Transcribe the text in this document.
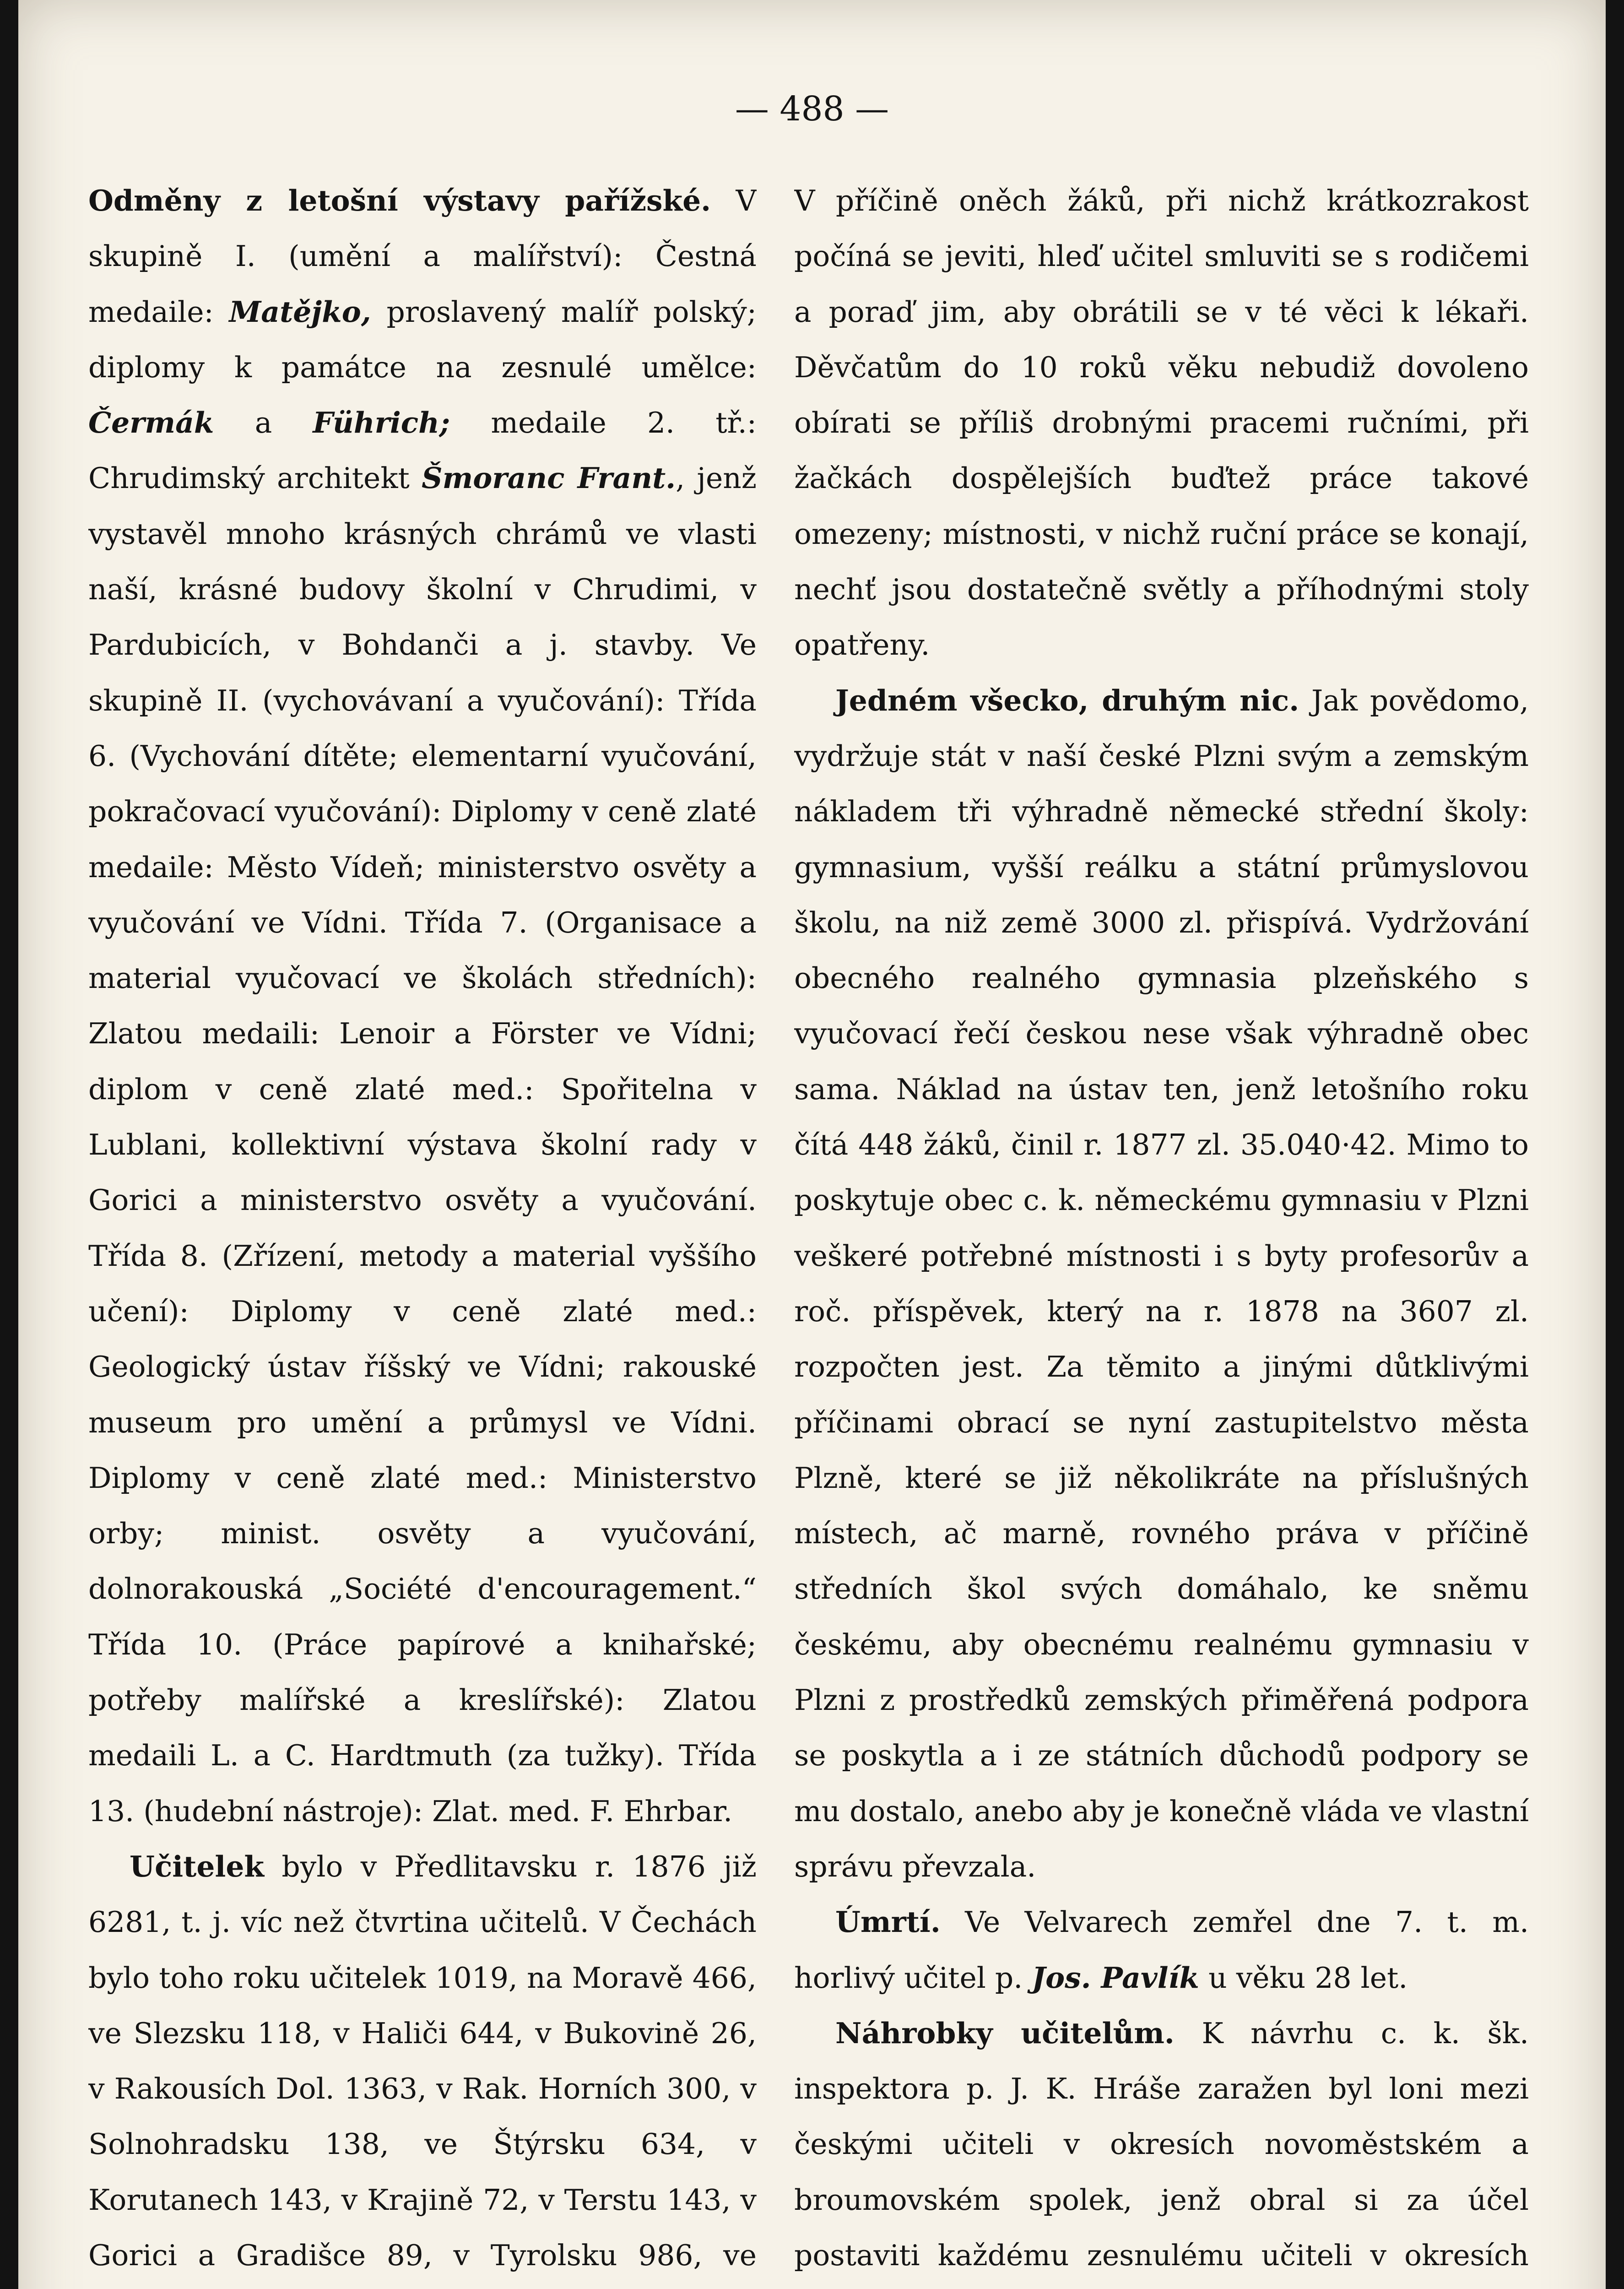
— 488 —

Odměny z letošní výstavy pařížské. V skupině I. (umění a malířství): Čestná medaile: Matějko, proslavený malíř polský; diplomy k památce na zesnulé umělce: Čermák a Führich; medaile 2. tř.: Chrudimský architekt Šmoranc Frant., jenž vystavěl mnoho krásných chrámů ve vlasti naší, krásné budovy školní v Chrudimi, v Pardubicích, v Bohdanči a j. stavby. Ve skupině II. (vychovávaní a vyučování): Třída 6. (Vychování dítěte; elementarní vyučování, pokračovací vyučování): Diplomy v ceně zlaté medaile: Město Vídeň; ministerstvo osvěty a vyučování ve Vídni. Třída 7. (Organisace a material vyučovací ve školách středních): Zlatou medaili: Lenoir a Förster ve Vídni; diplom v ceně zlaté med.: Spořitelna v Lublani, kollektivní výstava školní rady v Gorici a ministerstvo osvěty a vyučování. Třída 8. (Zřízení, metody a material vyššího učení): Diplomy v ceně zlaté med.: Geologický ústav říšský ve Vídni; rakouské museum pro umění a průmysl ve Vídni. Diplomy v ceně zlaté med.: Ministerstvo orby; minist. osvěty a vyučování, dolnorakouská „Société d'encouragement.“ Třída 10. (Práce papírové a knihařské; potřeby malířské a kreslířské): Zlatou medaili L. a C. Hardtmuth (za tužky). Třída 13. (hudební nástroje): Zlat. med. F. Ehrbar.

Učitelek bylo v Předlitavsku r. 1876 již 6281, t. j. víc než čtvrtina učitelů. V Čechách bylo toho roku učitelek 1019, na Moravě 466, ve Slezsku 118, v Haliči 644, v Bukovině 26, v Rakousích Dol. 1363, v Rak. Horních 300, v Solnohradsku 138, ve Štýrsku 634, v Korutanech 143, v Krajině 72, v Terstu 143, v Gorici a Gradišce 89, v Tyrolsku 986, ve

V příčině oněch žáků, při nichž krátkozrakost počíná se jeviti, hleď učitel smluviti se s rodičemi a poraď jim, aby obrátili se v té věci k lékaři. Děvčatům do 10 roků věku nebudiž dovoleno obírati se příliš drobnými pracemi ručními, při žačkách dospělejších buďtež práce takové omezeny; místnosti, v nichž ruční práce se konají, nechť jsou dostatečně světly a příhodnými stoly opatřeny.

Jedném všecko, druhým nic. Jak povědomo, vydržuje stát v naší české Plzni svým a zemským nákladem tři výhradně německé střední školy: gymnasium, vyšší reálku a státní průmyslovou školu, na niž země 3000 zl. přispívá. Vydržování obecného realného gymnasia plzeňského s vyučovací řečí českou nese však výhradně obec sama. Náklad na ústav ten, jenž letošního roku čítá 448 žáků, činil r. 1877 zl. 35.040·42. Mimo to poskytuje obec c. k. německému gymnasiu v Plzni veškeré potřebné místnosti i s byty profesorův a roč. příspěvek, který na r. 1878 na 3607 zl. rozpočten jest. Za těmito a jinými důtklivými příčinami obrací se nyní zastupitelstvo města Plzně, které se již několikráte na příslušných místech, ač marně, rovného práva v příčině středních škol svých domáhalo, ke sněmu českému, aby obecnému realnému gymnasiu v Plzni z prostředků zemských přiměřená podpora se poskytla a i ze státních důchodů podpory se mu dostalo, anebo aby je konečně vláda ve vlastní správu převzala.

Úmrtí. Ve Velvarech zemřel dne 7. t. m. horlivý učitel p. Jos. Pavlík u věku 28 let.

Náhrobky učitelům. K návrhu c. k. šk. inspektora p. J. K. Hráše zaražen byl loni mezi českými učiteli v okresích novoměstském a broumovském spolek, jenž obral si za účel postaviti každému zesnulému učiteli v okresích
